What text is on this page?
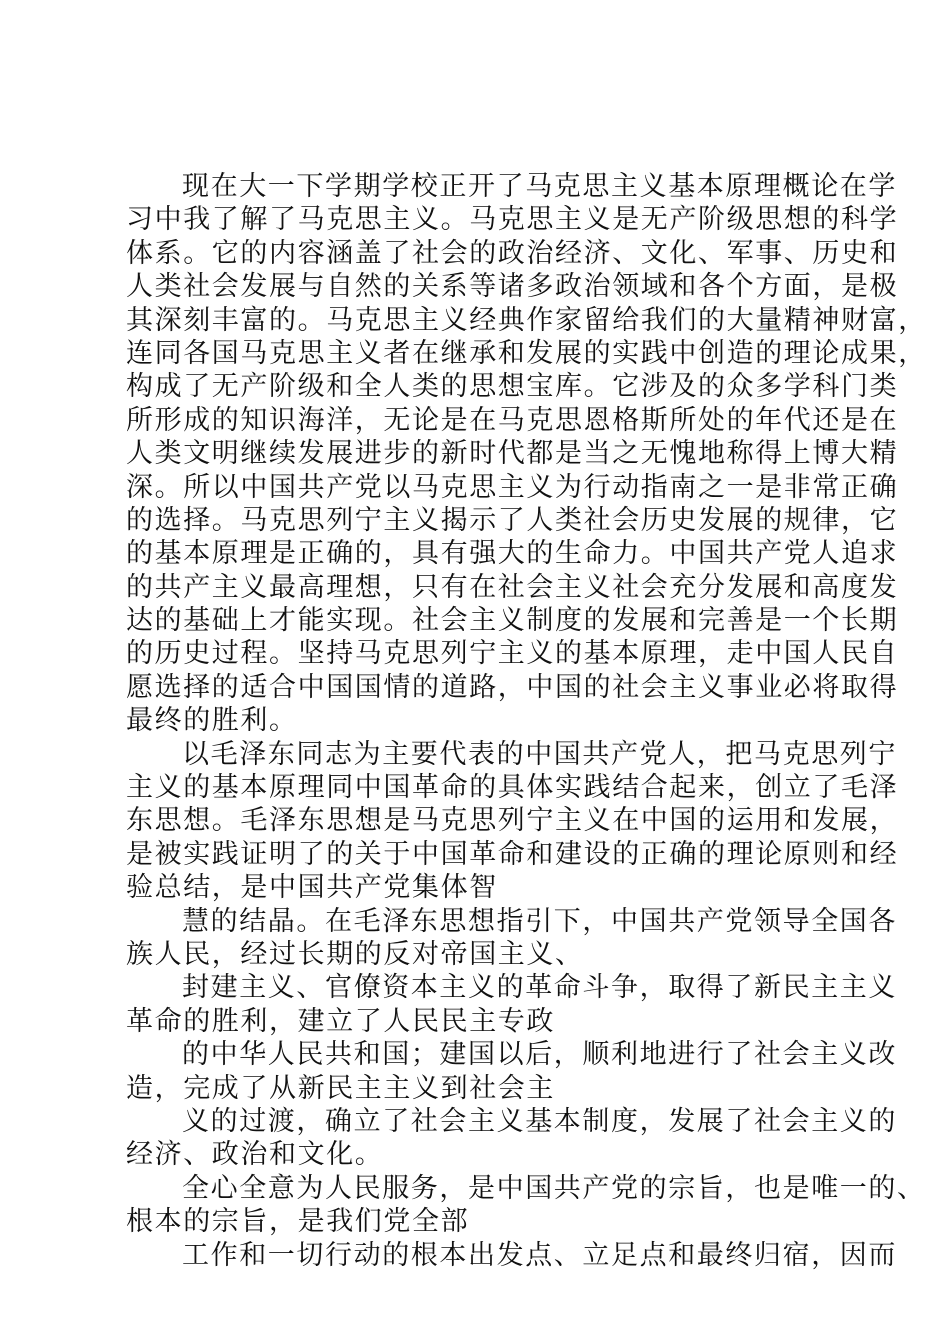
现在大一下学期学校正开了马克思主义基本原理概论在学
习中我了解了马克思主义。马克思主义是无产阶级思想的科学
体系。它的内容涵盖了社会的政治经济、文化、军事、历史和
人类社会发展与自然的关系等诸多政治领域和各个方面，是极
其深刻丰富的。马克思主义经典作家留给我们的大量精神财富，
连同各国马克思主义者在继承和发展的实践中创造的理论成果，
构成了无产阶级和全人类的思想宝库。它涉及的众多学科门类
所形成的知识海洋，无论是在马克思恩格斯所处的年代还是在
人类文明继续发展进步的新时代都是当之无愧地称得上博大精
深。所以中国共产党以马克思主义为行动指南之一是非常正确
的选择。马克思列宁主义揭示了人类社会历史发展的规律，它
的基本原理是正确的，具有强大的生命力。中国共产党人追求
的共产主义最高理想，只有在社会主义社会充分发展和高度发
达的基础上才能实现。社会主义制度的发展和完善是一个长期
的历史过程。坚持马克思列宁主义的基本原理，走中国人民自
愿选择的适合中国国情的道路，中国的社会主义事业必将取得
最终的胜利。
以毛泽东同志为主要代表的中国共产党人，把马克思列宁
主义的基本原理同中国革命的具体实践结合起来，创立了毛泽
东思想。毛泽东思想是马克思列宁主义在中国的运用和发展，
是被实践证明了的关于中国革命和建设的正确的理论原则和经
验总结，是中国共产党集体智
慧的结晶。在毛泽东思想指引下，中国共产党领导全国各
族人民，经过长期的反对帝国主义、
封建主义、官僚资本主义的革命斗争，取得了新民主主义
革命的胜利，建立了人民民主专政
的中华人民共和国；建国以后，顺利地进行了社会主义改
造，完成了从新民主主义到社会主
义的过渡，确立了社会主义基本制度，发展了社会主义的
经济、政治和文化。
全心全意为人民服务，是中国共产党的宗旨，也是唯一的、
根本的宗旨，是我们党全部
工作和一切行动的根本出发点、立足点和最终归宿，因而
